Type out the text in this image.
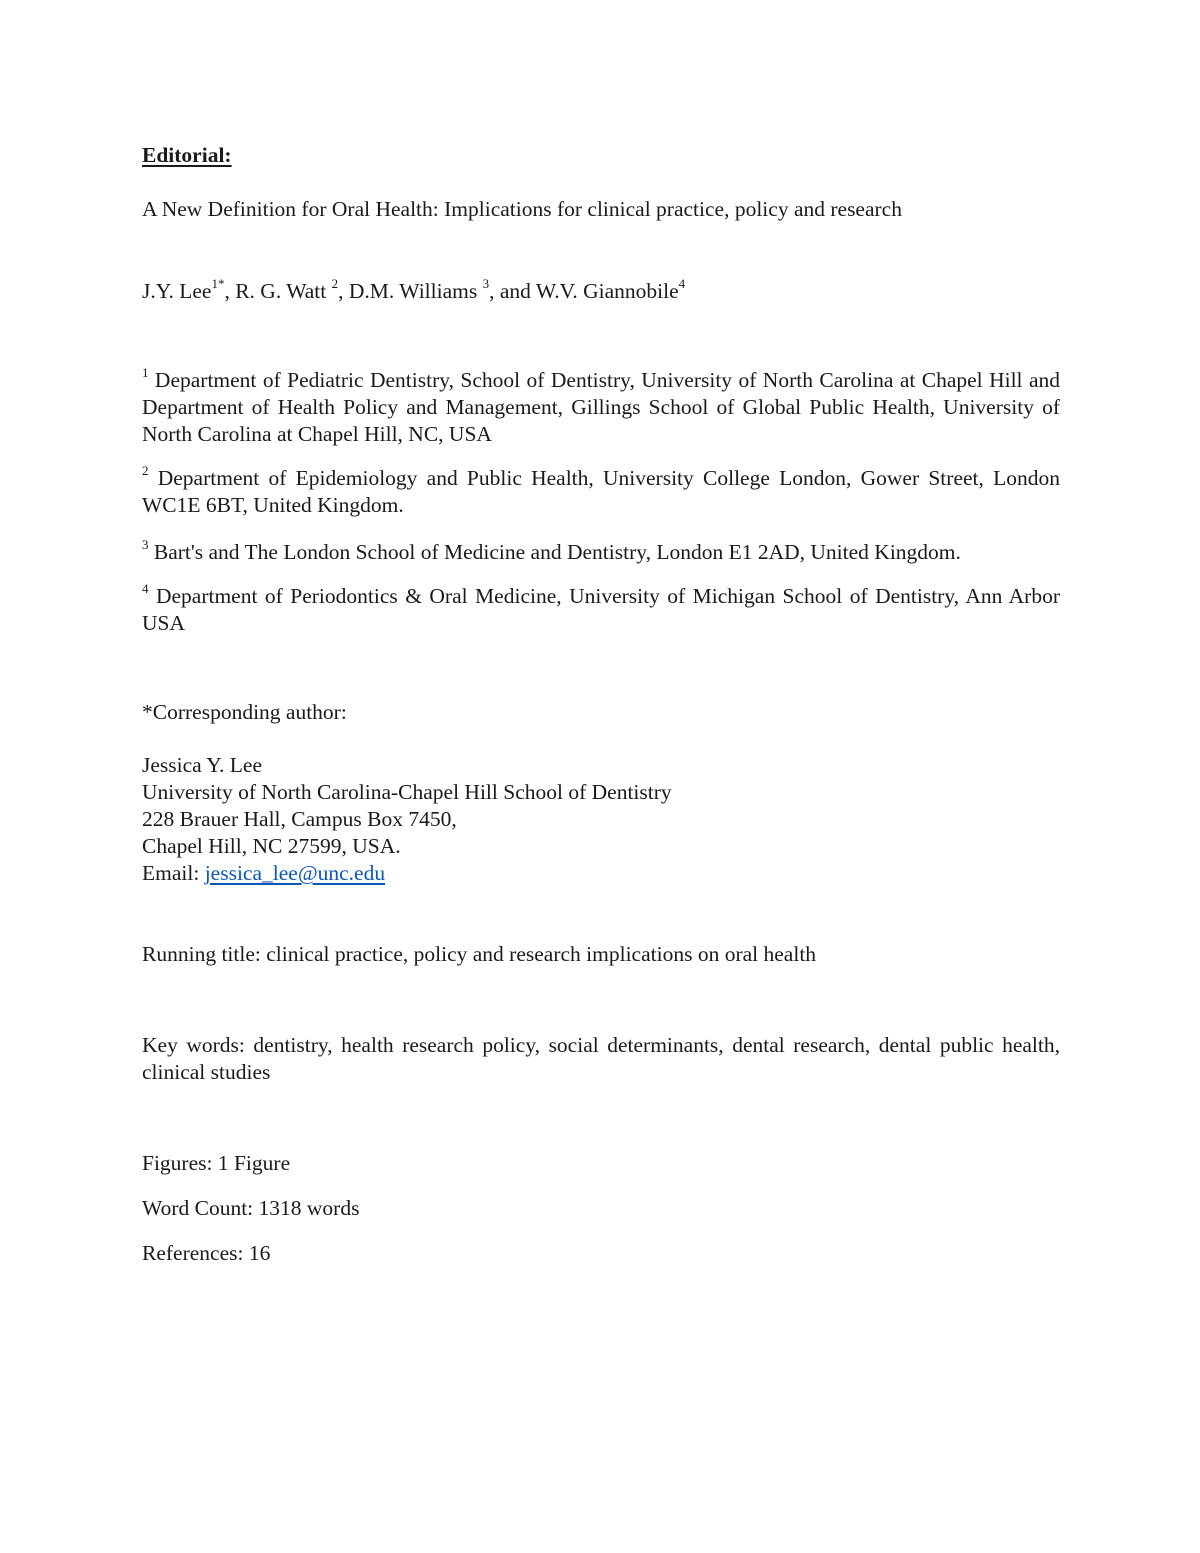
Editorial:

A New Definition for Oral Health: Implications for clinical practice, policy and research

J.Y. Lee$^{1*}$, R. G. Watt $^2$, D.M. Williams $^3$, and W.V. Giannobile$^4$

$^1$ Department of Pediatric Dentistry, School of Dentistry, University of North Carolina at Chapel Hill and Department of Health Policy and Management, Gillings School of Global Public Health, University of North Carolina at Chapel Hill, NC, USA

$^2$ Department of Epidemiology and Public Health, University College London, Gower Street, London WC1E 6BT, United Kingdom.

$^3$ Bart's and The London School of Medicine and Dentistry, London E1 2AD, United Kingdom.

$^4$ Department of Periodontics & Oral Medicine, University of Michigan School of Dentistry, Ann Arbor USA

*Corresponding author:

Jessica Y. Lee
University of North Carolina-Chapel Hill School of Dentistry
228 Brauer Hall, Campus Box 7450,
Chapel Hill, NC 27599, USA.
Email: jessica_lee@unc.edu

Running title: clinical practice, policy and research implications on oral health

Key words: dentistry, health research policy, social determinants, dental research, dental public health, clinical studies

Figures: 1 Figure

Word Count: 1318 words

References: 16
